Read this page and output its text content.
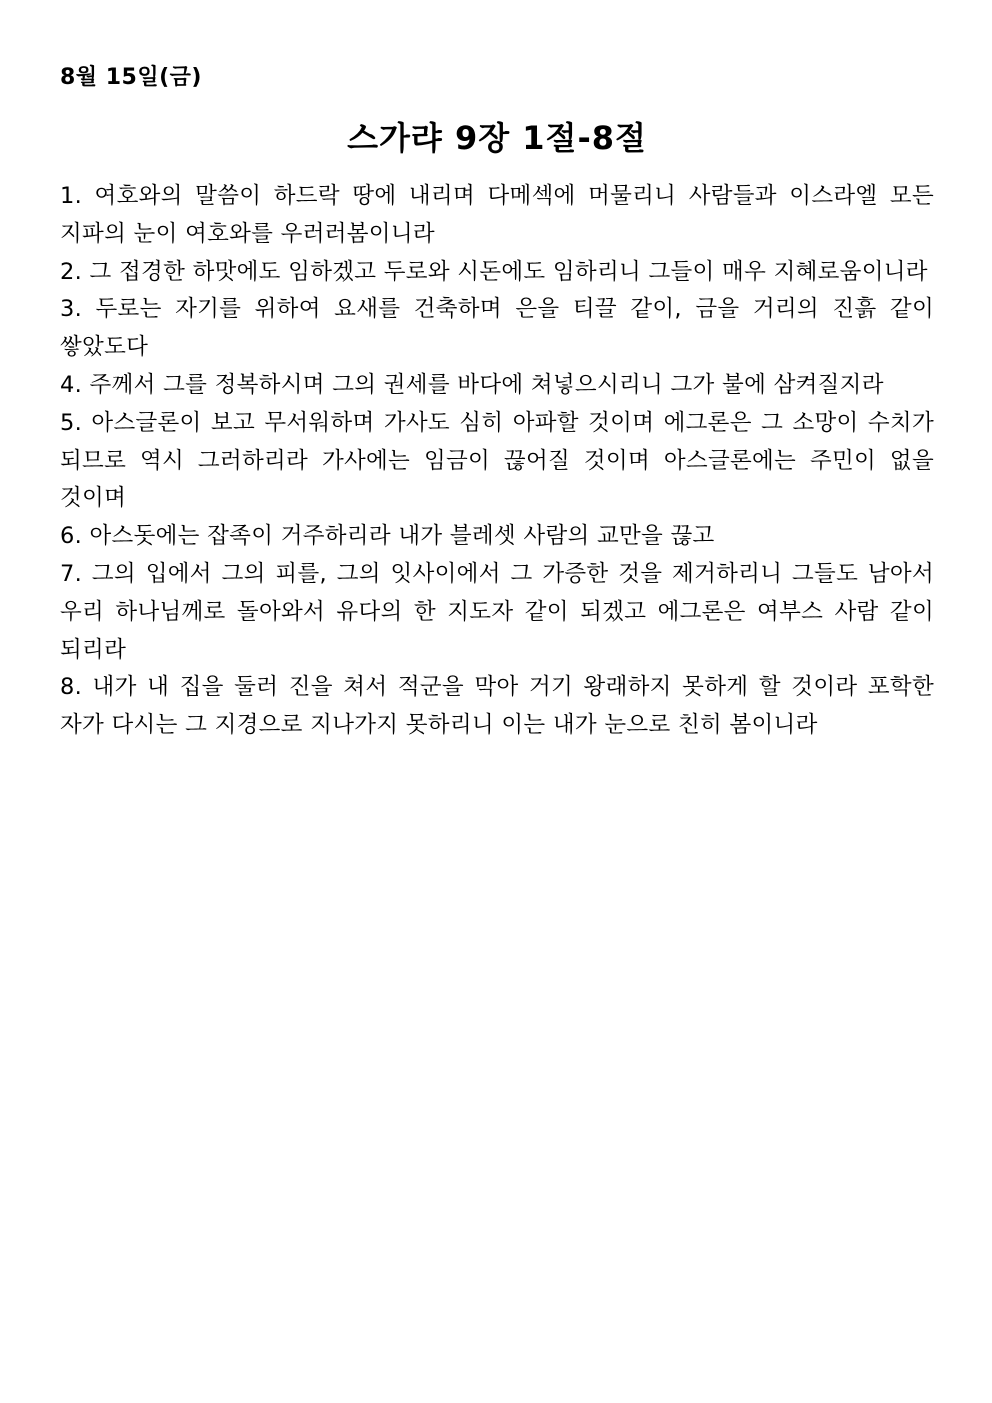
8월 15일(금)
스가랴 9장 1절-8절

1. 여호와의 말씀이 하드락 땅에 내리며 다메섹에 머물리니 사람들과 이스라엘 모든 지파의 눈이 여호와를 우러러봄이니라

2. 그 접경한 하맛에도 임하겠고 두로와 시돈에도 임하리니 그들이 매우 지혜로움이니라

3. 두로는 자기를 위하여 요새를 건축하며 은을 티끌 같이, 금을 거리의 진흙 같이 쌓았도다

4. 주께서 그를 정복하시며 그의 권세를 바다에 쳐넣으시리니 그가 불에 삼켜질지라

5. 아스글론이 보고 무서워하며 가사도 심히 아파할 것이며 에그론은 그 소망이 수치가 되므로 역시 그러하리라 가사에는 임금이 끊어질 것이며 아스글론에는 주민이 없을 것이며

6. 아스돗에는 잡족이 거주하리라 내가 블레셋 사람의 교만을 끊고

7. 그의 입에서 그의 피를, 그의 잇사이에서 그 가증한 것을 제거하리니 그들도 남아서 우리 하나님께로 돌아와서 유다의 한 지도자 같이 되겠고 에그론은 여부스 사람 같이 되리라

8. 내가 내 집을 둘러 진을 쳐서 적군을 막아 거기 왕래하지 못하게 할 것이라 포학한 자가 다시는 그 지경으로 지나가지 못하리니 이는 내가 눈으로 친히 봄이니라
